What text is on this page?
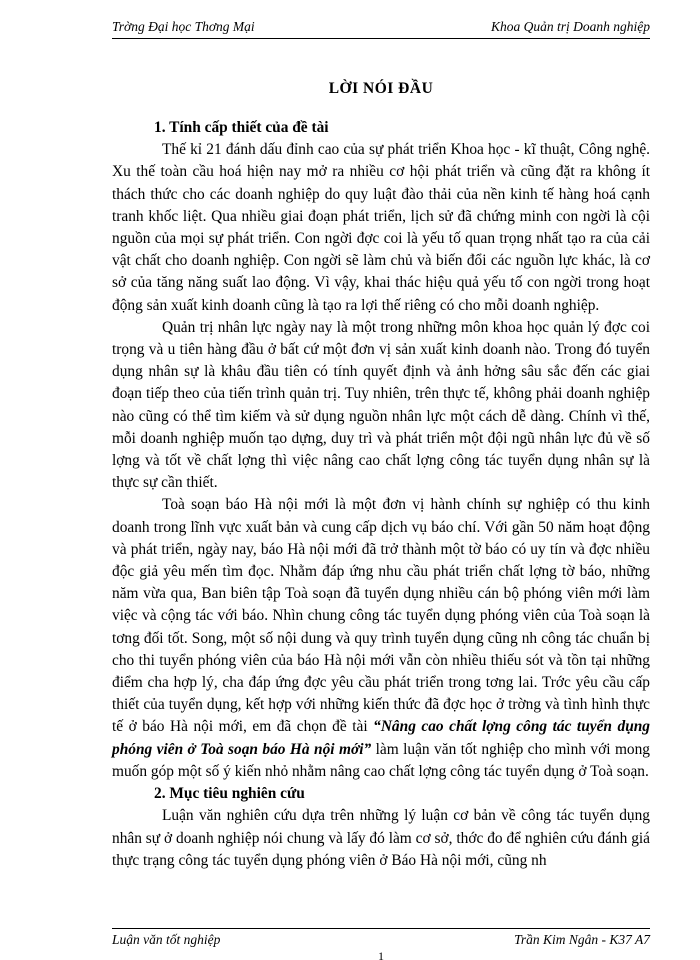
Trờng Đại học Thơng Mại	Khoa Quản trị Doanh nghiệp
LỜI NÓI ĐẦU

1. Tính cấp thiết của đề tài

Thế kỉ 21 đánh dấu đỉnh cao của sự phát triển Khoa học - kĩ thuật, Công nghệ. Xu thế toàn cầu hoá hiện nay mở ra nhiều cơ hội phát triển và cũng đặt ra không ít thách thức cho các doanh nghiệp do quy luật đào thải của nền kinh tế hàng hoá cạnh tranh khốc liệt. Qua nhiều giai đoạn phát triển, lịch sử đã chứng minh con ngời là cội nguồn của mọi sự phát triển. Con ngời đợc coi là yếu tố quan trọng nhất tạo ra của cải vật chất cho doanh nghiệp. Con ngời sẽ làm chủ và biến đổi các nguồn lực khác, là cơ sở của tăng năng suất lao động. Vì vậy, khai thác hiệu quả yếu tố con ngời trong hoạt động sản xuất kinh doanh cũng là tạo ra lợi thế riêng có cho mỗi doanh nghiệp.

Quản trị nhân lực ngày nay là một trong những môn khoa học quản lý đợc coi trọng và u tiên hàng đầu ở bất cứ một đơn vị sản xuất kinh doanh nào. Trong đó tuyển dụng nhân sự là khâu đầu tiên có tính quyết định và ảnh hởng sâu sắc đến các giai đoạn tiếp theo của tiến trình quản trị. Tuy nhiên, trên thực tế, không phải doanh nghiệp nào cũng có thể tìm kiếm và sử dụng nguồn nhân lực một cách dễ dàng. Chính vì thế, mỗi doanh nghiệp muốn tạo dựng, duy trì và phát triển một đội ngũ nhân lực đủ về số lợng và tốt về chất lợng thì việc nâng cao chất lợng công tác tuyển dụng nhân sự là thực sự cần thiết.

Toà soạn báo Hà nội mới là một đơn vị hành chính sự nghiệp có thu kinh doanh trong lĩnh vực xuất bản và cung cấp dịch vụ báo chí. Với gần 50 năm hoạt động và phát triển, ngày nay, báo Hà nội mới đã trở thành một tờ báo có uy tín và đợc nhiều độc giả yêu mến tìm đọc. Nhằm đáp ứng nhu cầu phát triển chất lợng tờ báo, những năm vừa qua, Ban biên tập Toà soạn đã tuyển dụng nhiều cán bộ phóng viên mới làm việc và cộng tác với báo. Nhìn chung công tác tuyển dụng phóng viên của Toà soạn là tơng đối tốt. Song, một số nội dung và quy trình tuyển dụng cũng nh công tác chuẩn bị cho thi tuyển phóng viên của báo Hà nội mới vẫn còn nhiều thiếu sót và tồn tại những điểm cha hợp lý, cha đáp ứng đợc yêu cầu phát triển trong tơng lai. Trớc yêu cầu cấp thiết của tuyển dụng, kết hợp với những kiến thức đã đợc học ở trờng và tình hình thực tế ở báo Hà nội mới, em đã chọn đề tài “Nâng cao chất lợng công tác tuyển dụng phóng viên ở Toà soạn báo Hà nội mới” làm luận văn tốt nghiệp cho mình với mong muốn góp một số ý kiến nhỏ nhằm nâng cao chất lợng công tác tuyển dụng ở Toà soạn.

2. Mục tiêu nghiên cứu

Luận văn nghiên cứu dựa trên những lý luận cơ bản về công tác tuyển dụng nhân sự ở doanh nghiệp nói chung và lấy đó làm cơ sở, thớc đo để nghiên cứu đánh giá thực trạng công tác tuyển dụng phóng viên ở Báo Hà nội mới, cũng nh

Luận văn tốt nghiệp	Trần Kim Ngân - K37 A7
1
